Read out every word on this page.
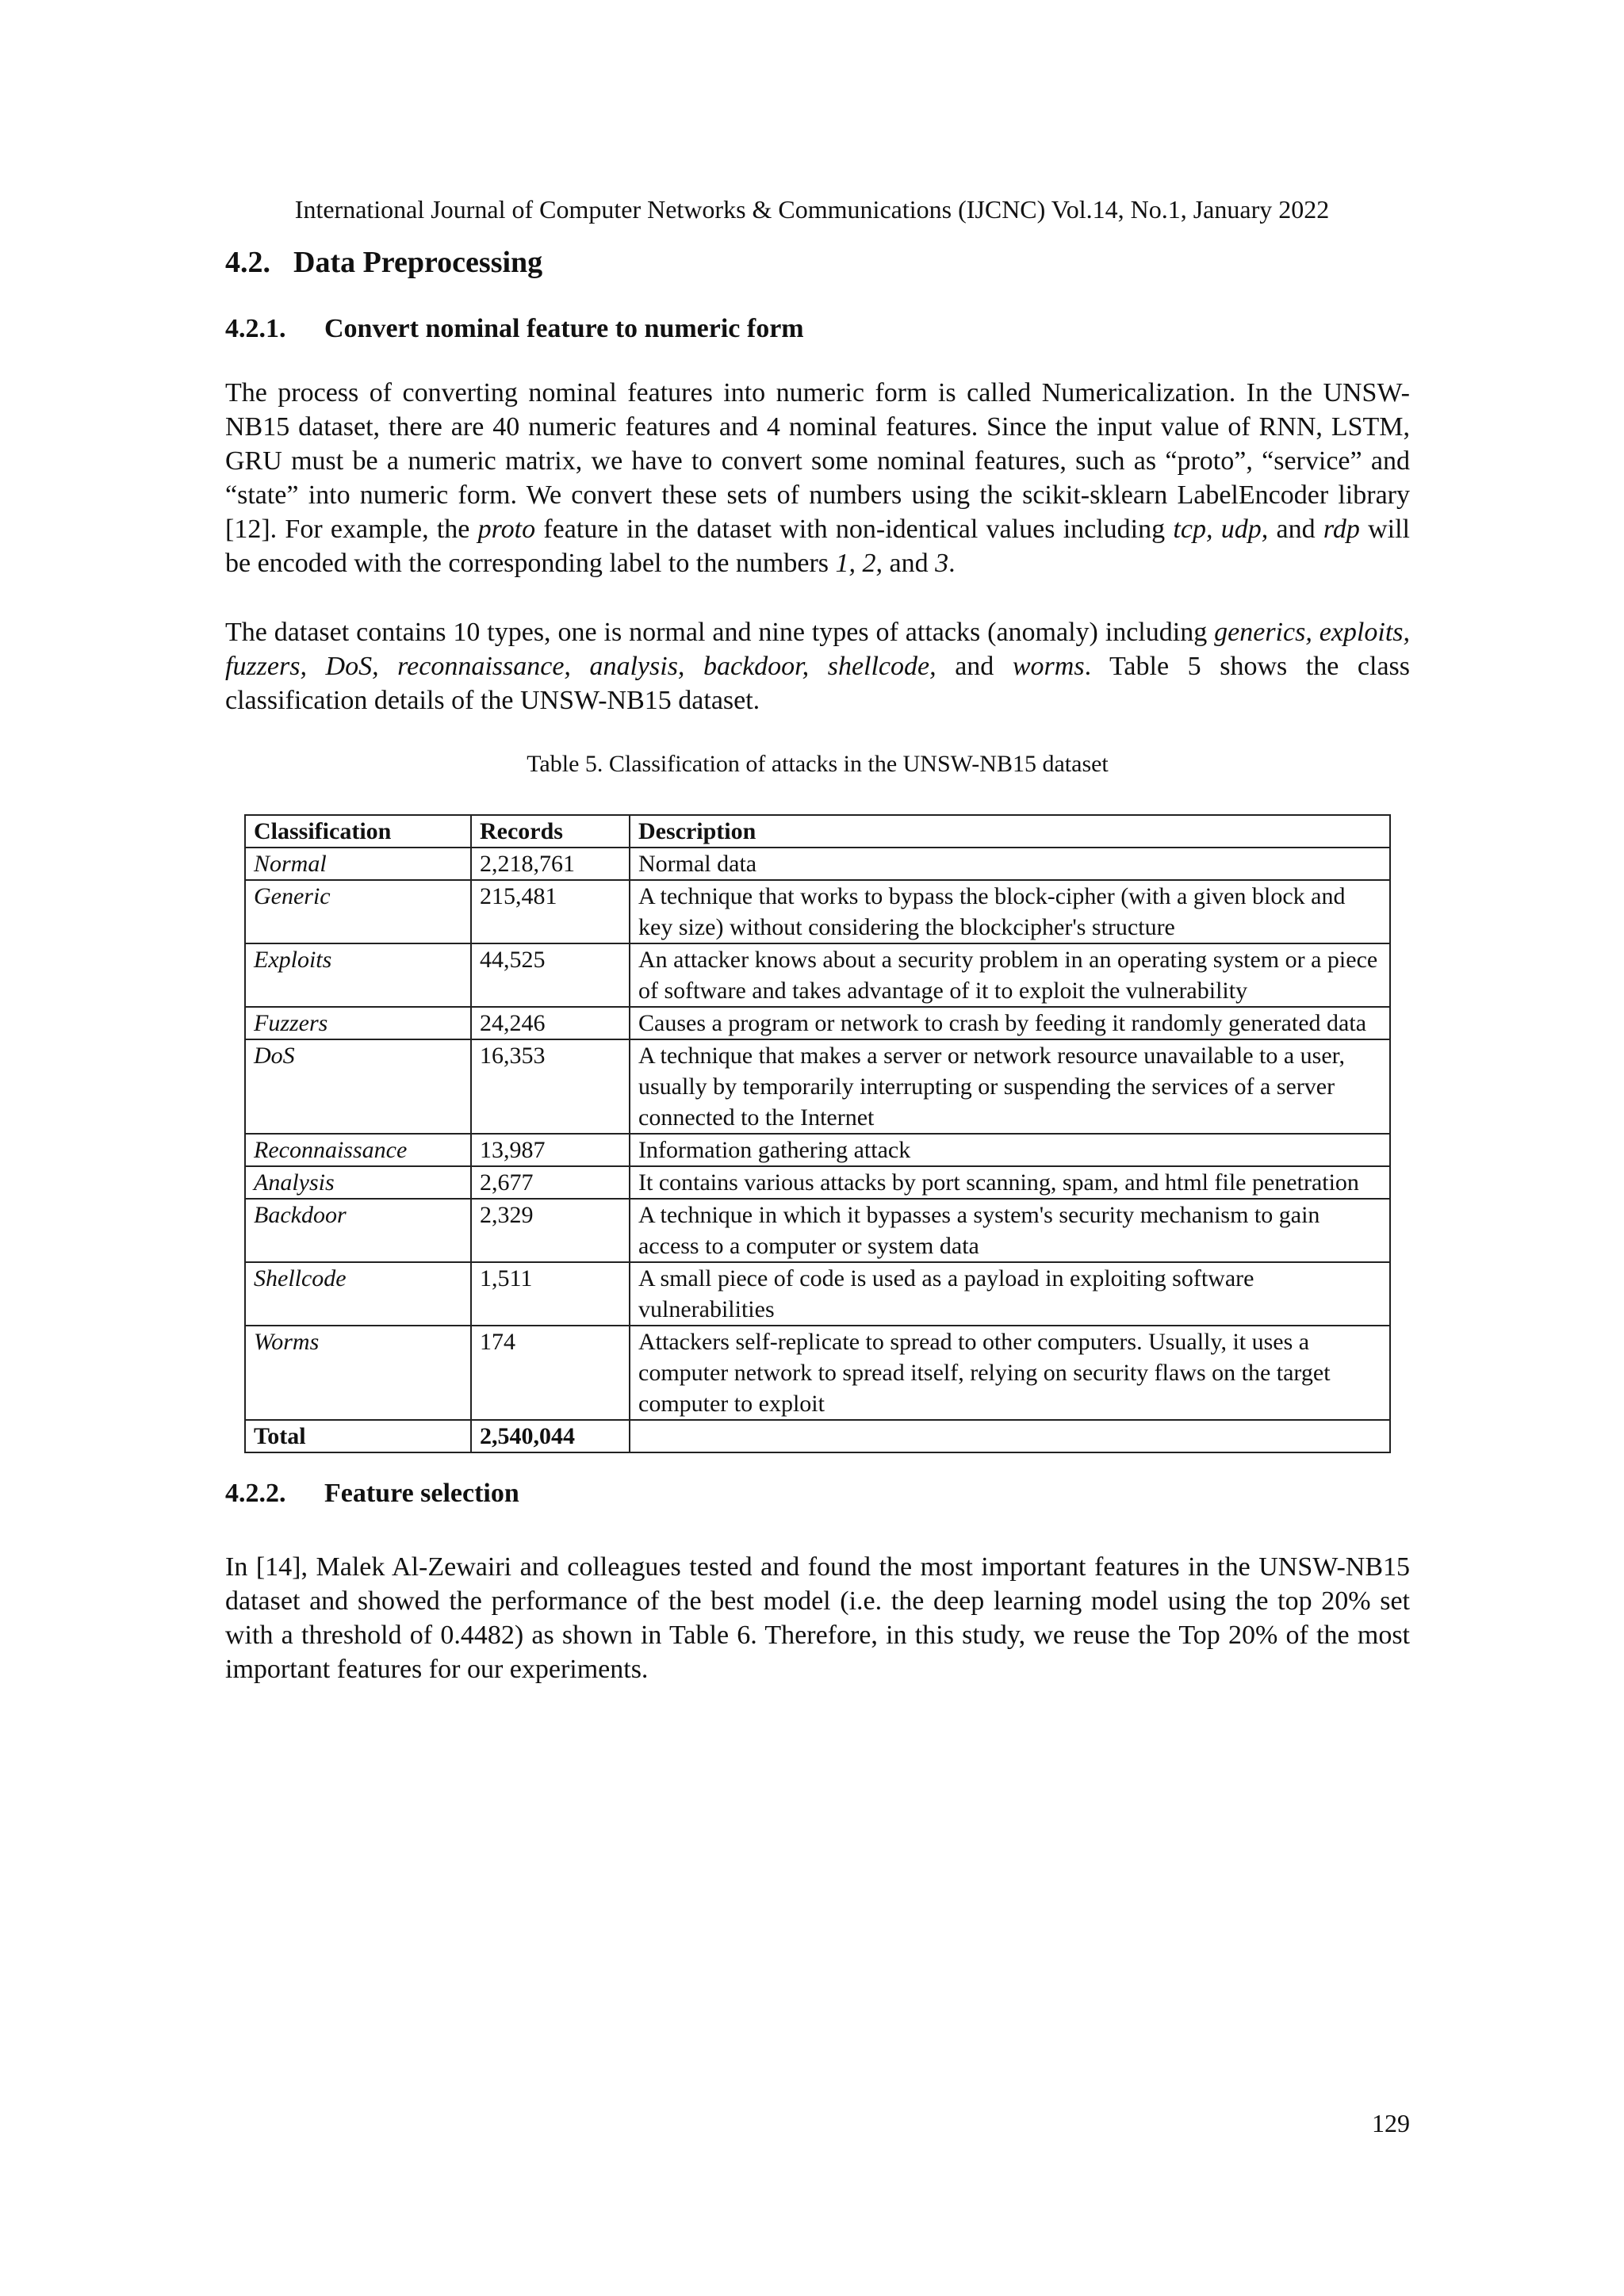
International Journal of Computer Networks & Communications (IJCNC) Vol.14, No.1, January 2022
4.2. Data Preprocessing
4.2.1. Convert nominal feature to numeric form

The process of converting nominal features into numeric form is called Numericalization. In the UNSW-NB15 dataset, there are 40 numeric features and 4 nominal features. Since the input value of RNN, LSTM, GRU must be a numeric matrix, we have to convert some nominal features, such as “proto”, “service” and “state” into numeric form. We convert these sets of numbers using the scikit-sklearn LabelEncoder library [12]. For example, the proto feature in the dataset with non-identical values including tcp, udp, and rdp will be encoded with the corresponding label to the numbers 1, 2, and 3.

The dataset contains 10 types, one is normal and nine types of attacks (anomaly) including generics, exploits, fuzzers, DoS, reconnaissance, analysis, backdoor, shellcode, and worms. Table 5 shows the class classification details of the UNSW-NB15 dataset.

Table 5. Classification of attacks in the UNSW-NB15 dataset

Classification	Records	Description
Normal	2,218,761	Normal data
Generic	215,481	A technique that works to bypass the block-cipher (with a given block and key size) without considering the blockcipher's structure
Exploits	44,525	An attacker knows about a security problem in an operating system or a piece of software and takes advantage of it to exploit the vulnerability
Fuzzers	24,246	Causes a program or network to crash by feeding it randomly generated data
DoS	16,353	A technique that makes a server or network resource unavailable to a user, usually by temporarily interrupting or suspending the services of a server connected to the Internet
Reconnaissance	13,987	Information gathering attack
Analysis	2,677	It contains various attacks by port scanning, spam, and html file penetration
Backdoor	2,329	A technique in which it bypasses a system's security mechanism to gain access to a computer or system data
Shellcode	1,511	A small piece of code is used as a payload in exploiting software vulnerabilities
Worms	174	Attackers self-replicate to spread to other computers. Usually, it uses a computer network to spread itself, relying on security flaws on the target computer to exploit
Total	2,540,044	
4.2.2. Feature selection

In [14], Malek Al-Zewairi and colleagues tested and found the most important features in the UNSW-NB15 dataset and showed the performance of the best model (i.e. the deep learning model using the top 20% set with a threshold of 0.4482) as shown in Table 6. Therefore, in this study, we reuse the Top 20% of the most important features for our experiments.

129
